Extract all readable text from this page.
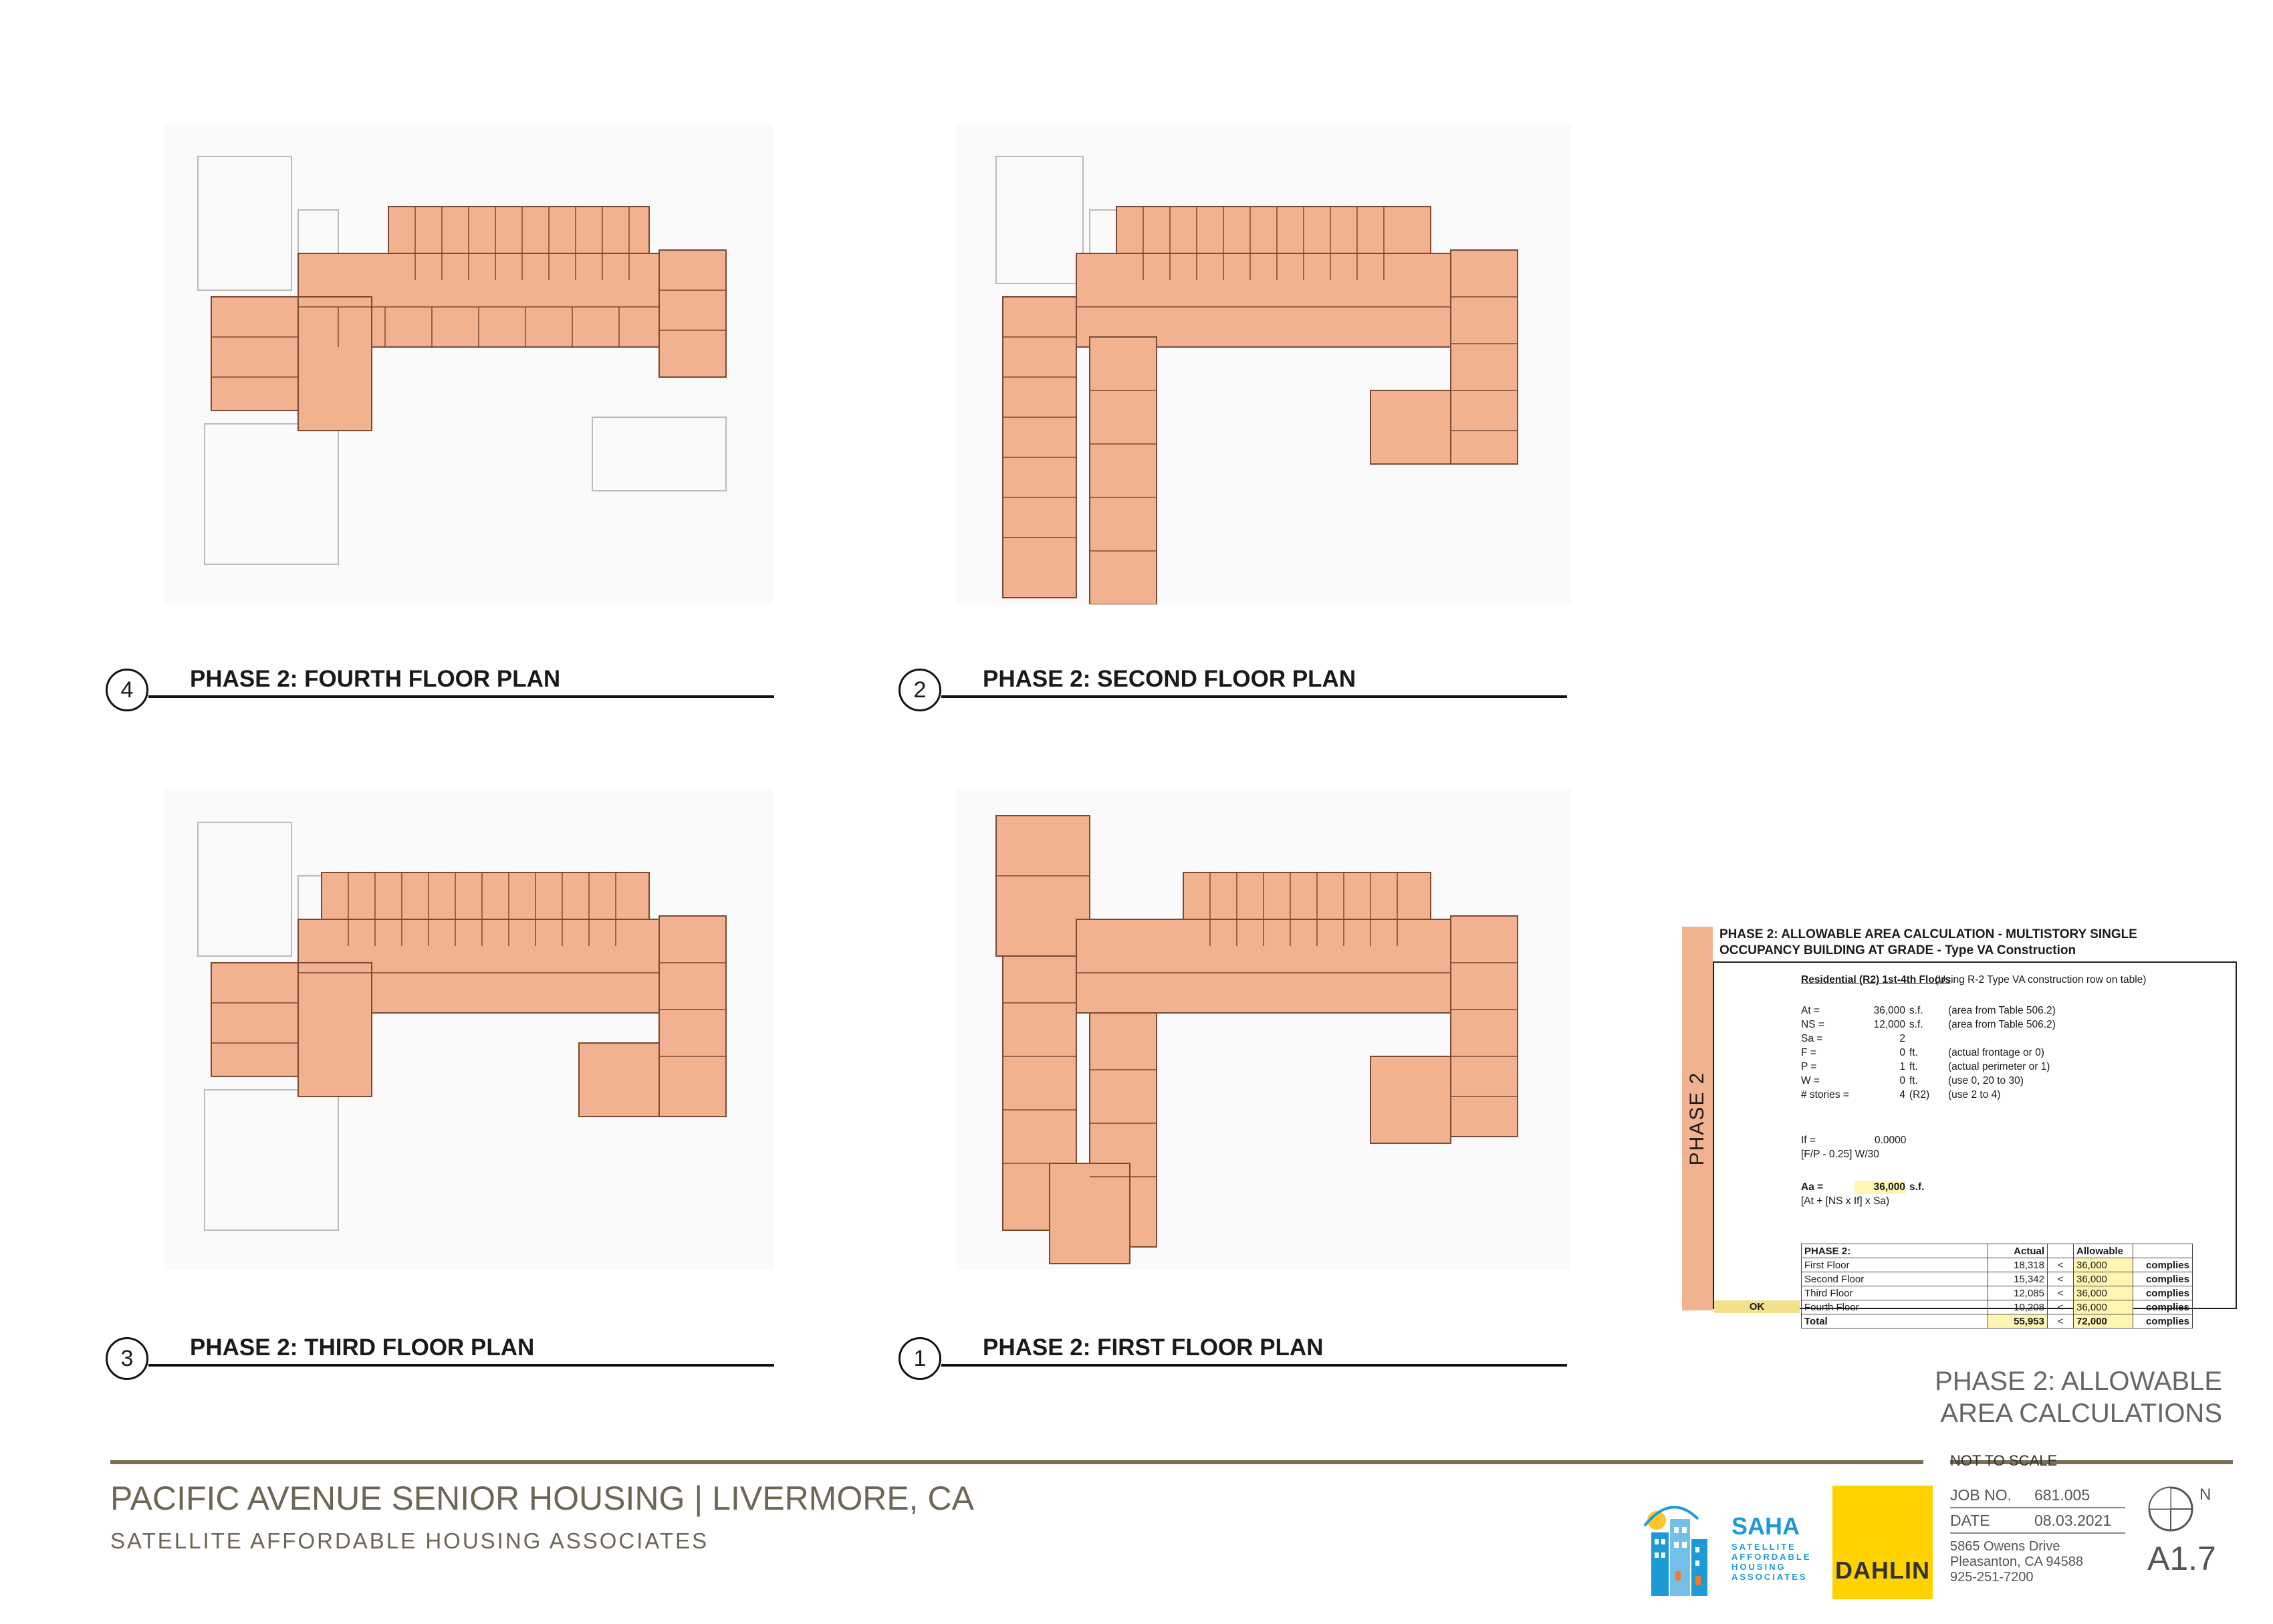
4	PHASE 2: FOURTH FLOOR PLAN	2	PHASE 2: SECOND FLOOR PLAN
3	PHASE 2: THIRD FLOOR PLAN	1	PHASE 2: FIRST FLOOR PLAN
PHASE 2
PHASE 2: ALLOWABLE AREA CALCULATION - MULTISTORY SINGLE
OCCUPANCY BUILDING AT GRADE - Type VA Construction
Residential (R2) 1st-4th Floors
(Using R-2 Type VA construction row on table)
At =	36,000 s.f. (area from Table 506.2)
NS =	12,000 s.f. (area from Table 506.2)
Sa =	2
F =	0 ft.	(actual frontage or 0)
P =	1 ft.	(actual perimeter or 1)
W =	0 ft.	(use 0, 20 to 30)
# stories =	4 (R2) (use 2 to 4)
If =	0.0000
[F/P - 0.25] W/30
Aa =	36,000 s.f.
[At + [NS x If] x Sa)
PHASE 2:	Actual		Allowable	
First Floor	18,318	<	36,000	complies
Second Floor	15,342	<	36,000	complies
Third Floor	12,085	<	36,000	complies
Fourth Floor	10,208	<	36,000	complies
Total	55,953	<	72,000	complies
OK
PHASE 2: ALLOWABLE
AREA CALCULATIONS
NOT TO SCALE
PACIFIC AVENUE SENIOR HOUSING | LIVERMORE, CA
SATELLITE AFFORDABLE HOUSING ASSOCIATES
SAHA
SATELLITE
AFFORDABLE
HOUSING
ASSOCIATES DAHLIN
JOB NO. 681.005
DATE	08.03.2021
5865 Owens Drive
Pleasanton, CA 94588
925-251-7200
N
A1.7
